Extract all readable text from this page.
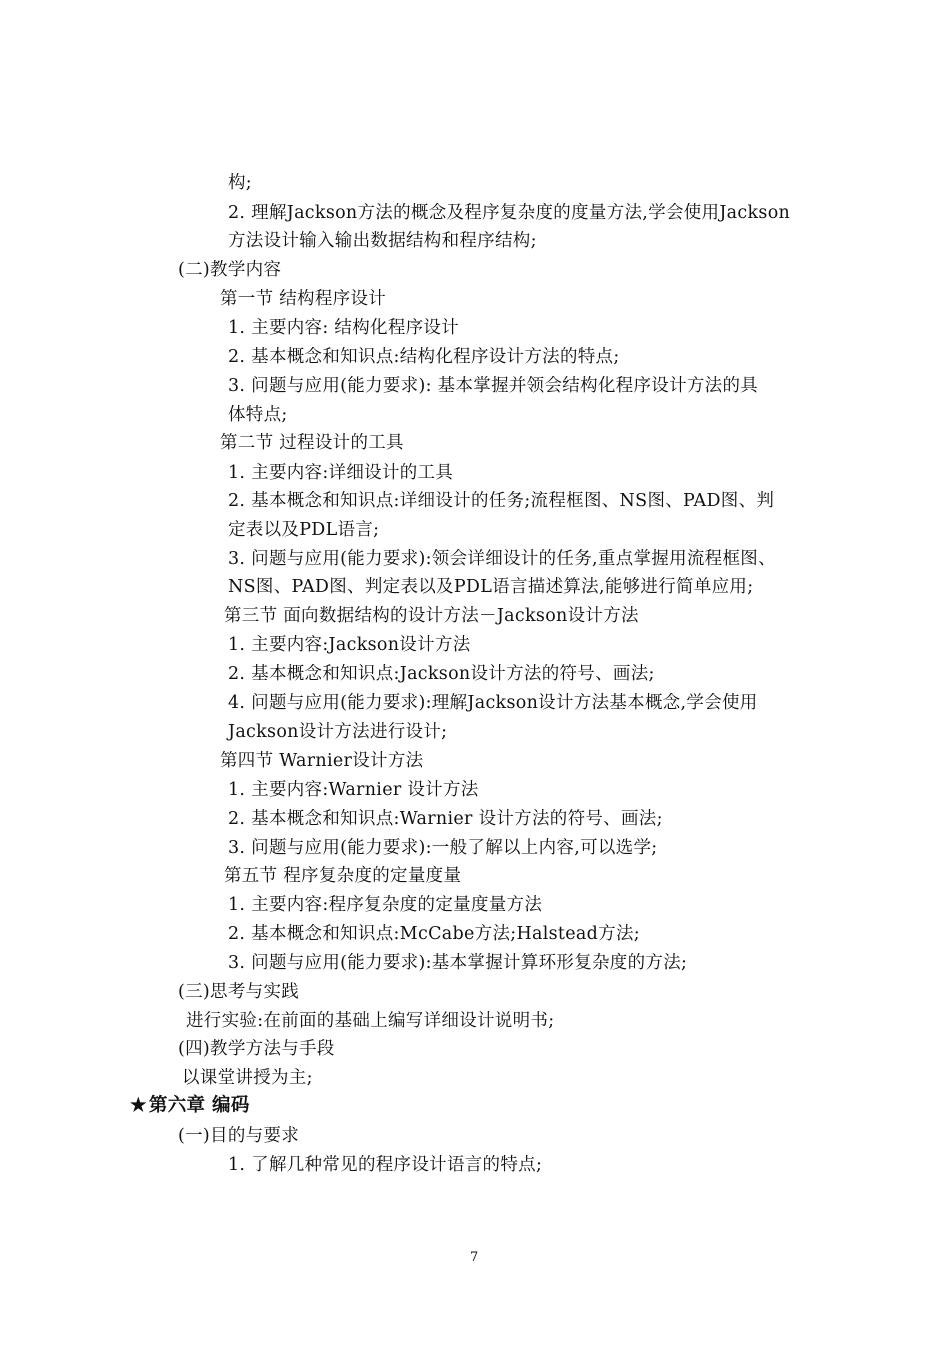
构;
2. 理解Jackson方法的概念及程序复杂度的度量方法,学会使用Jackson
方法设计输入输出数据结构和程序结构;
(二)教学内容
第一节 结构程序设计
1. 主要内容: 结构化程序设计
2. 基本概念和知识点:结构化程序设计方法的特点;
3. 问题与应用(能力要求): 基本掌握并领会结构化程序设计方法的具
体特点;
第二节 过程设计的工具
1. 主要内容:详细设计的工具
2. 基本概念和知识点:详细设计的任务;流程框图、NS图、PAD图、判
定表以及PDL语言;
3. 问题与应用(能力要求):领会详细设计的任务,重点掌握用流程框图、
NS图、PAD图、判定表以及PDL语言描述算法,能够进行简单应用;
第三节 面向数据结构的设计方法－Jackson设计方法
1. 主要内容:Jackson设计方法
2. 基本概念和知识点:Jackson设计方法的符号、画法;
4. 问题与应用(能力要求):理解Jackson设计方法基本概念,学会使用
Jackson设计方法进行设计;
第四节 Warnier设计方法
1. 主要内容:Warnier 设计方法
2. 基本概念和知识点:Warnier 设计方法的符号、画法;
3. 问题与应用(能力要求):一般了解以上内容,可以选学;
第五节 程序复杂度的定量度量
1. 主要内容:程序复杂度的定量度量方法
2. 基本概念和知识点:McCabe方法;Halstead方法;
3. 问题与应用(能力要求):基本掌握计算环形复杂度的方法;
(三)思考与实践
进行实验:在前面的基础上编写详细设计说明书;
(四)教学方法与手段
以课堂讲授为主;
★ 第六章 编码
(一)目的与要求
1. 了解几种常见的程序设计语言的特点;
7
